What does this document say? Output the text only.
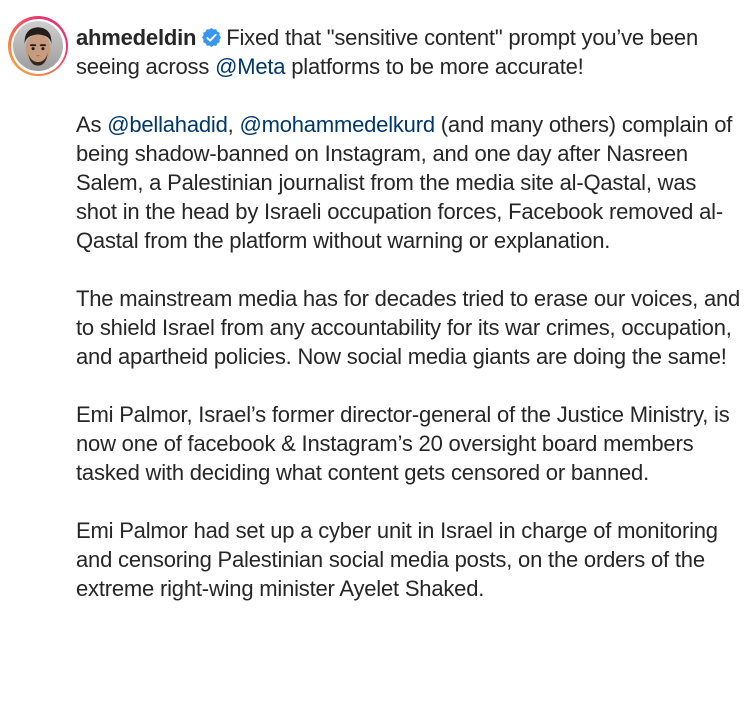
ahmedeldin Fixed that "sensitive content" prompt you’ve been seeing across @Meta platforms to be more accurate!

As @bellahadid, @mohammedelkurd (and many others) complain of being shadow-banned on Instagram, and one day after Nasreen Salem, a Palestinian journalist from the media site al-Qastal, was shot in the head by Israeli occupation forces, Facebook removed al-Qastal from the platform without warning or explanation.

The mainstream media has for decades tried to erase our voices, and to shield Israel from any accountability for its war crimes, occupation, and apartheid policies. Now social media giants are doing the same!

Emi Palmor, Israel’s former director-general of the Justice Ministry, is now one of facebook & Instagram’s 20 oversight board members tasked with deciding what content gets censored or banned.

Emi Palmor had set up a cyber unit in Israel in charge of monitoring and censoring Palestinian social media posts, on the orders of the extreme right-wing minister Ayelet Shaked.
